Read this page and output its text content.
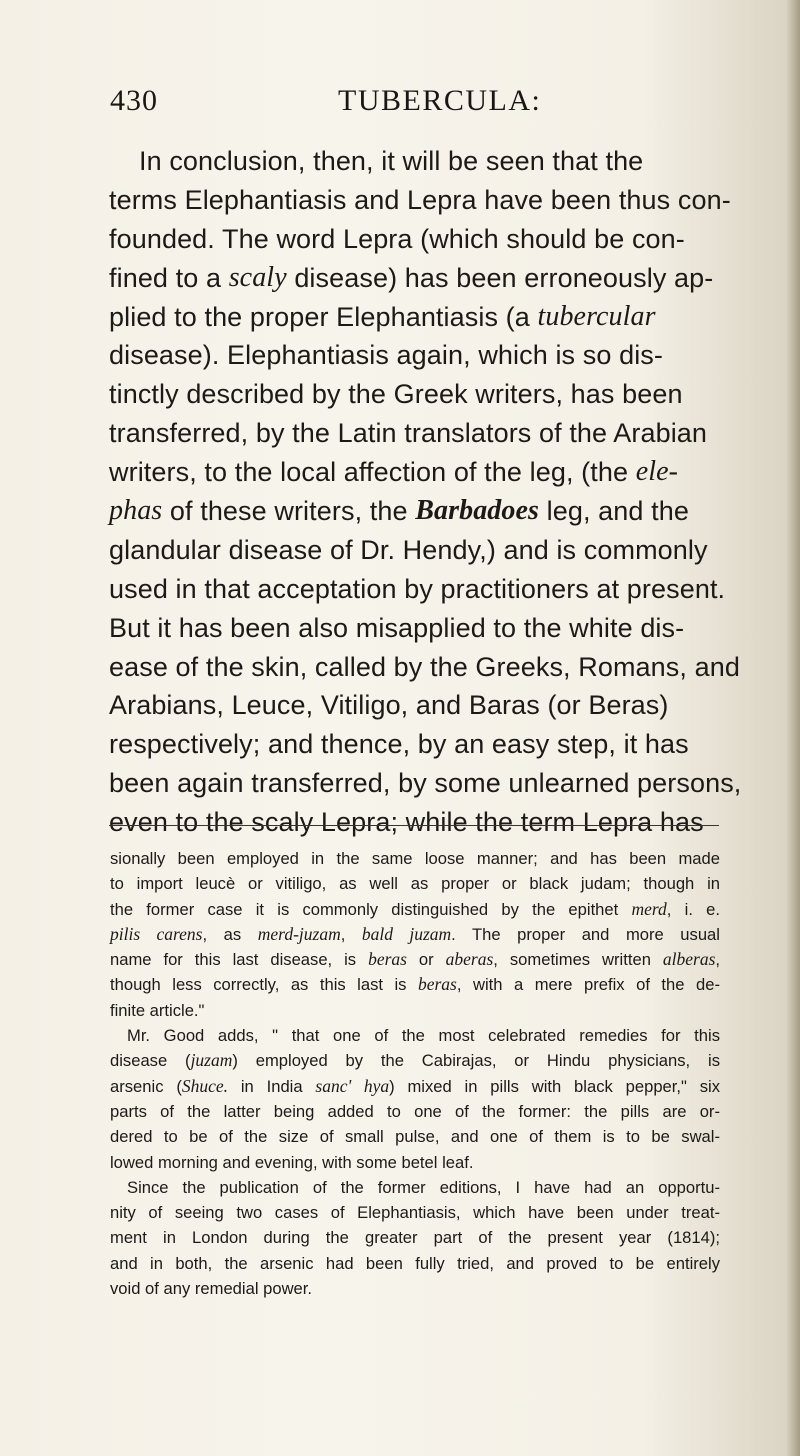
430	TUBERCULA:
In conclusion, then, it will be seen that the
terms Elephantiasis and Lepra have been thus con-
founded. The word Lepra (which should be con-
fined to a scaly disease) has been erroneously ap-
plied to the proper Elephantiasis (a tubercular
disease). Elephantiasis again, which is so dis-
tinctly described by the Greek writers, has been
transferred, by the Latin translators of the Arabian
writers, to the local affection of the leg, (the ele-
phas of these writers, the Barbadoes leg, and the
glandular disease of Dr. Hendy,) and is commonly
used in that acceptation by practitioners at present.
But it has been also misapplied to the white dis-
ease of the skin, called by the Greeks, Romans, and
Arabians, Leuce, Vitiligo, and Baras (or Beras)
respectively; and thence, by an easy step, it has
been again transferred, by some unlearned persons,
even to the scaly Lepra; while the term Lepra has
sionally been employed in the same loose manner; and has been made
to import leucè or vitiligo, as well as proper or black judam; though in
the former case it is commonly distinguished by the epithet merd, i. e.
pilis carens, as merd-juzam, bald juzam. The proper and more usual
name for this last disease, is beras or aberas, sometimes written alberas,
though less correctly, as this last is beras, with a mere prefix of the de-
finite article."
Mr. Good adds, " that one of the most celebrated remedies for this
disease (juzam) employed by the Cabirajas, or Hindu physicians, is
arsenic (Shuce. in India sanc' hya) mixed in pills with black pepper," six
parts of the latter being added to one of the former: the pills are or-
dered to be of the size of small pulse, and one of them is to be swal-
lowed morning and evening, with some betel leaf.
Since the publication of the former editions, I have had an opportu-
nity of seeing two cases of Elephantiasis, which have been under treat-
ment in London during the greater part of the present year (1814);
and in both, the arsenic had been fully tried, and proved to be entirely
void of any remedial power.
